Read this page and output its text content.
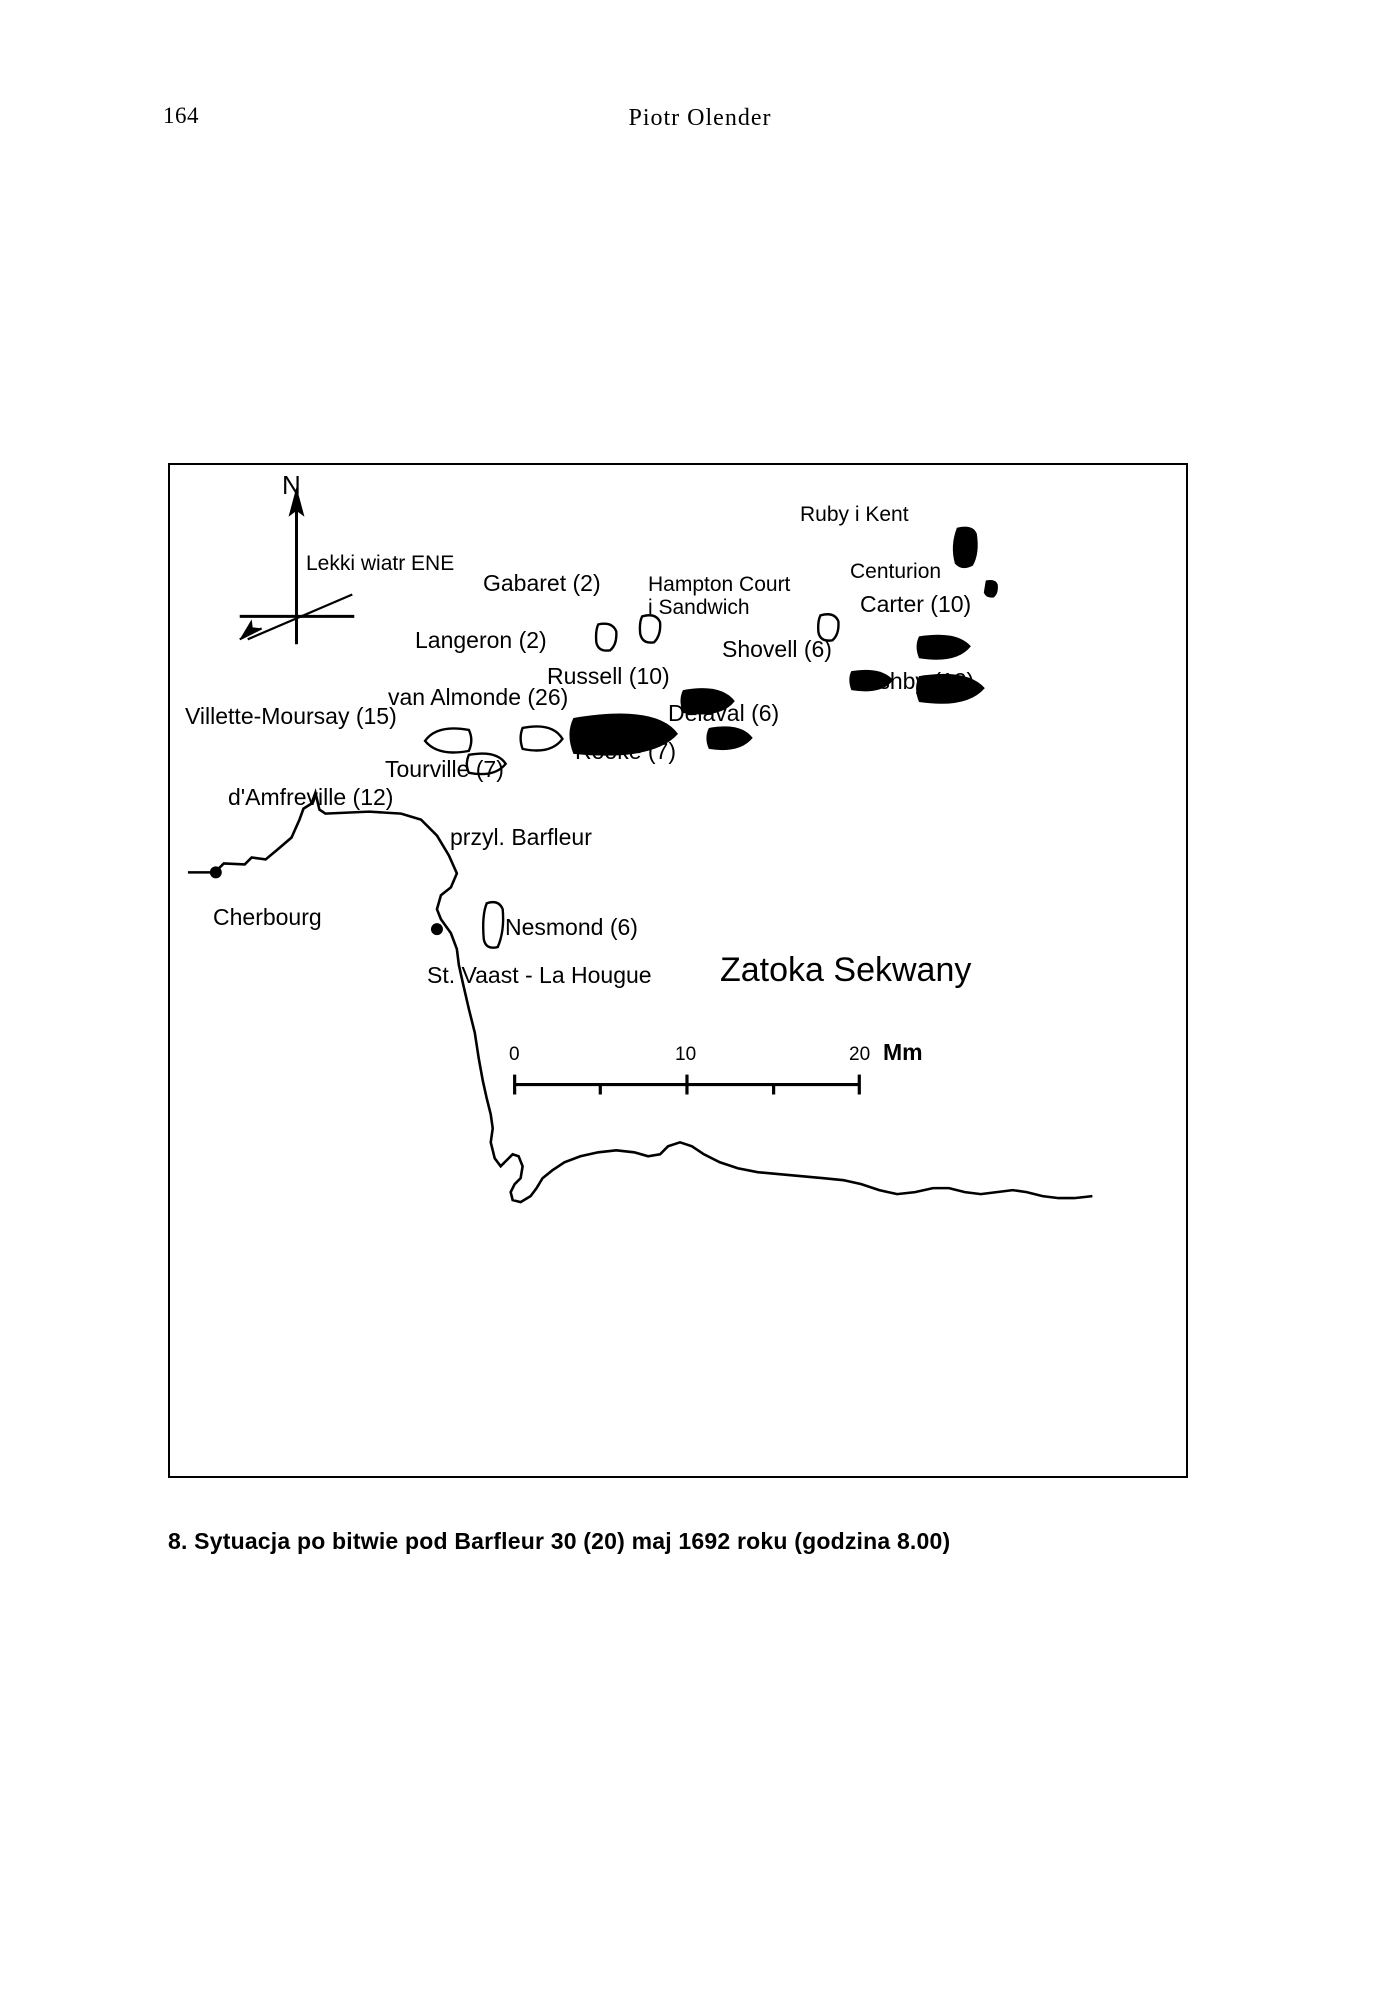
164	Piotr Olender
N
Lekki wiatr ENE
Ruby i Kent
Centurion
Carter (10)
Hampton Court
i Sandwich
Gabaret (2)
Shovell (6)
Ashby (12)
Langeron (2)
Russell (10)
van Almonde (26)
Delaval (6)
Villette-Moursay (15)
Rooke (7)
Tourville (7)
d'Amfreville (12)
Nesmond (6)
przyl. Barfleur
Cherbourg
St. Vaast - La Hougue Zatoka Sekwany
0	10	20 Mm
8. Sytuacja po bitwie pod Barfleur 30 (20) maj 1692 roku (godzina 8.00)
